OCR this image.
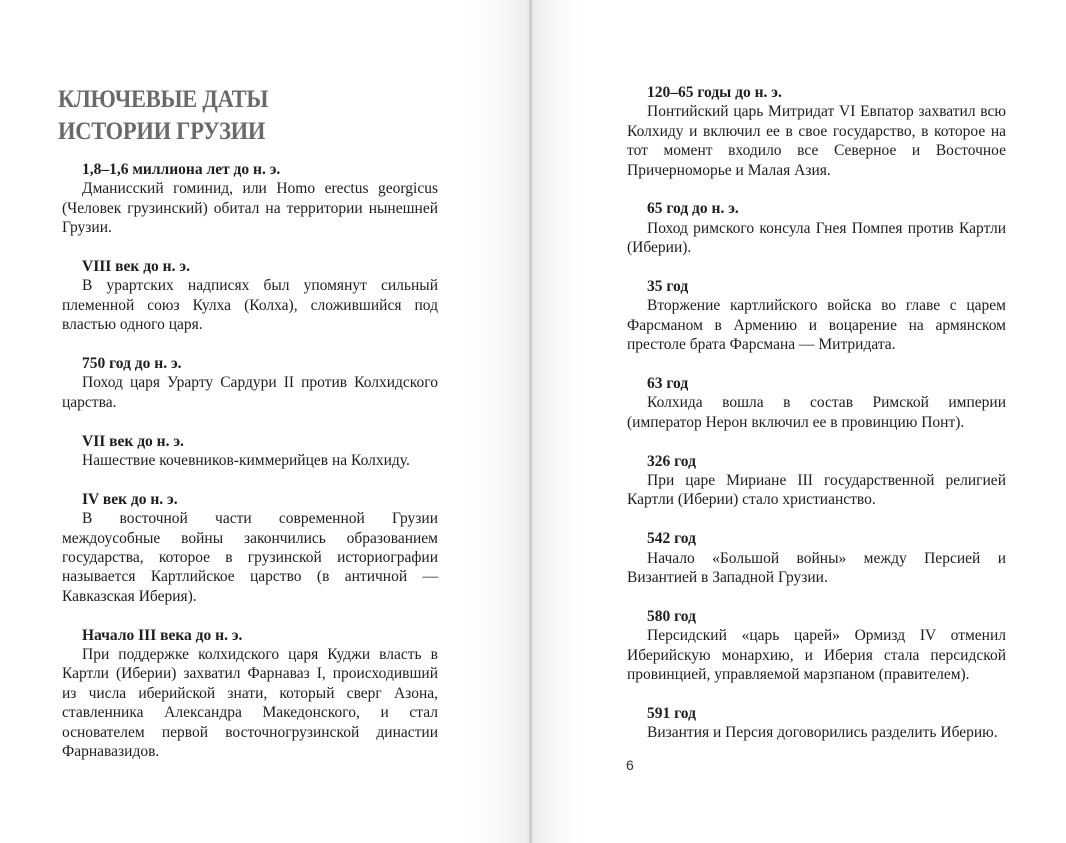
КЛЮЧЕВЫЕ ДАТЫ
ИСТОРИИ ГРУЗИИ
1,8–1,6 миллиона лет до н. э.
Дманисский гоминид, или Homo erectus georgicus (Человек грузинский) обитал на территории нынешней Грузии.
VIII век до н. э.
В урартских надписях был упомянут сильный племенной союз Кулха (Колха), сложившийся под властью одного царя.
750 год до н. э.
Поход царя Урарту Сардури II против Колхидского царства.
VII век до н. э.
Нашествие кочевников-киммерийцев на Колхиду.
IV век до н. э.
В восточной части современной Грузии междоусобные войны закончились образованием государства, которое в грузинской историографии называется Картлийское царство (в античной — Кавказская Иберия).
Начало III века до н. э.
При поддержке колхидского царя Куджи власть в Картли (Иберии) захватил Фарнаваз I, происходивший из числа иберийской знати, который сверг Азона, ставленника Александра Македонского, и стал основателем первой восточногрузинской династии Фарнавазидов.
120–65 годы до н. э.
Понтийский царь Митридат VI Евпатор захватил всю Колхиду и включил ее в свое государство, в которое на тот момент входило все Северное и Восточное Причерноморье и Малая Азия.
65 год до н. э.
Поход римского консула Гнея Помпея против Картли (Иберии).
35 год
Вторжение картлийского войска во главе с царем Фарсманом в Армению и воцарение на армянском престоле брата Фарсмана — Митридата.
63 год
Колхида вошла в состав Римской империи (император Нерон включил ее в провинцию Понт).
326 год
При царе Мириане III государственной религией Картли (Иберии) стало христианство.
542 год
Начало «Большой войны» между Персией и Византией в Западной Грузии.
580 год
Персидский «царь царей» Ормизд IV отменил Иберийскую монархию, и Иберия стала персидской провинцией, управляемой марзпаном (правителем).
591 год
Византия и Персия договорились разделить Иберию.
6
